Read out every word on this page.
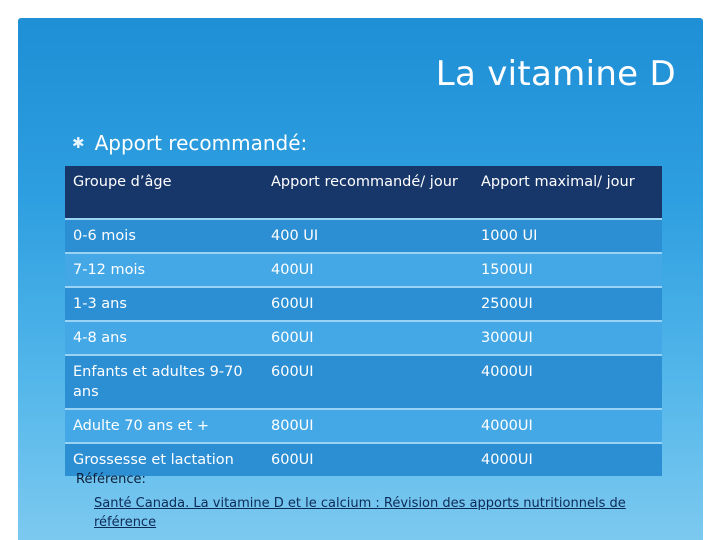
La vitamine D
✱ Apport recommandé:
Groupe d’âge	Apport recommandé/ jour	Apport maximal/ jour
0-6 mois	400 UI	1000 UI
7-12 mois	400UI	1500UI
1-3 ans	600UI	2500UI
4-8 ans	600UI	3000UI
Enfants et adultes 9-70 ans	600UI	4000UI
Adulte 70 ans et +	800UI	4000UI
Grossesse et lactation	600UI	4000UI
Référence:
Santé Canada. La vitamine D et le calcium : Révision des apports nutritionnels de référence
